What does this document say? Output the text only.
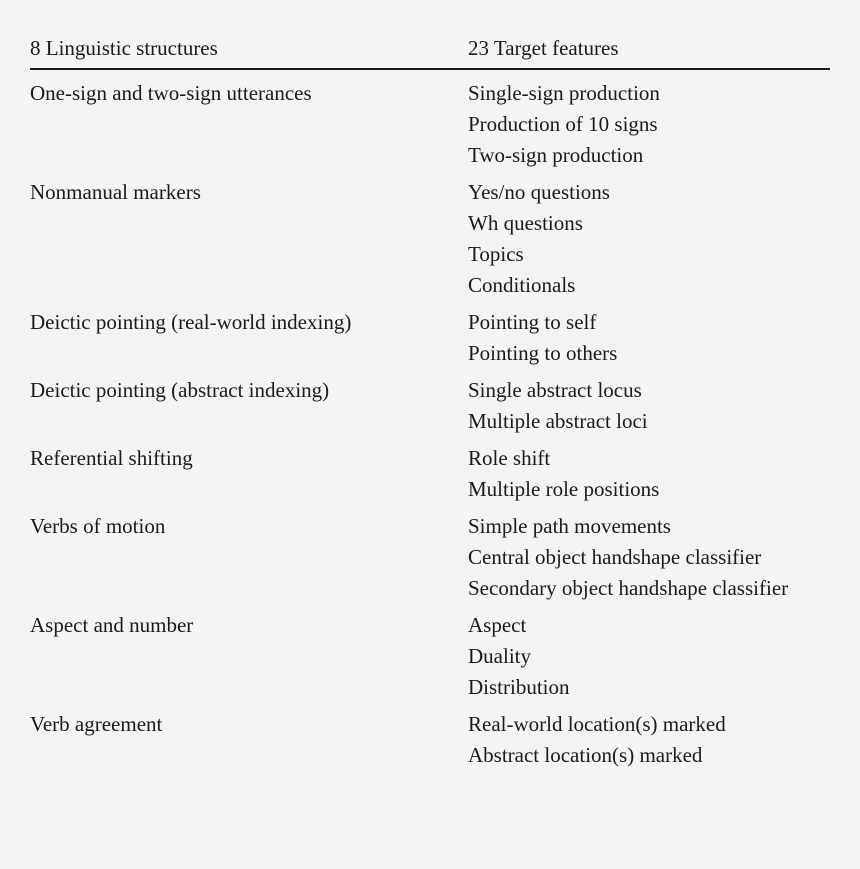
8 Linguistic structures	23 Target features
One-sign and two-sign utterances	Single-sign production
Production of 10 signs
Two-sign production
Nonmanual markers	Yes/no questions
Wh questions
Topics
Conditionals
Deictic pointing (real-world indexing)	Pointing to self
Pointing to others
Deictic pointing (abstract indexing)	Single abstract locus
Multiple abstract loci
Referential shifting	Role shift
Multiple role positions
Verbs of motion	Simple path movements
Central object handshape classifier
Secondary object handshape classifier
Aspect and number	Aspect
Duality
Distribution
Verb agreement	Real-world location(s) marked
Abstract location(s) marked
